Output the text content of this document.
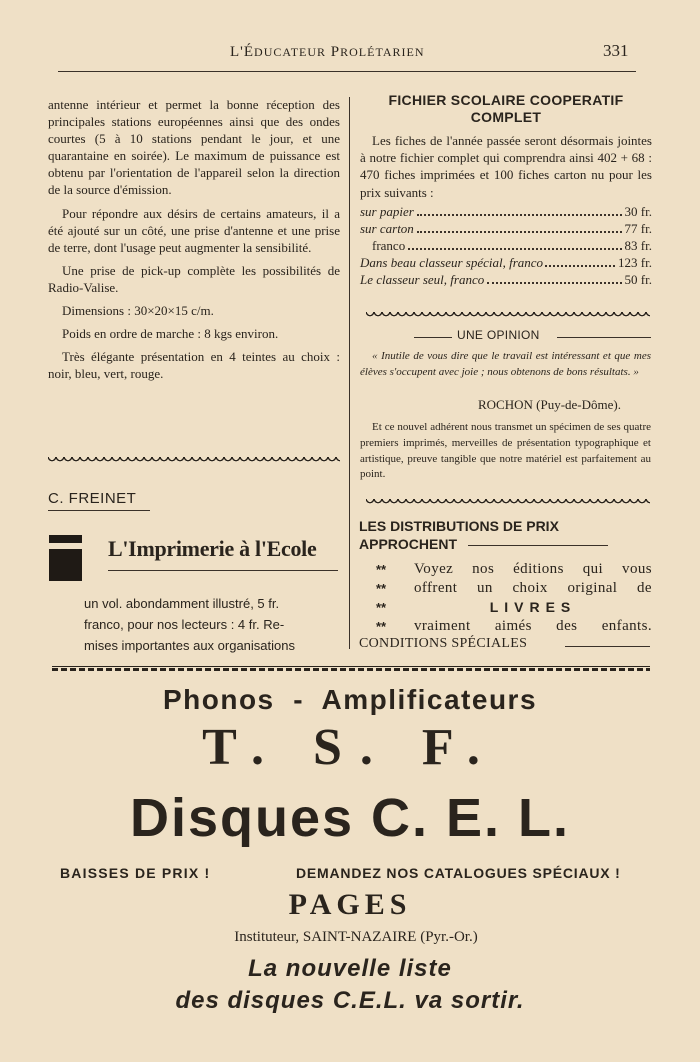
L'ÉDUCATEUR PROLÉTARIEN	331

antenne intérieur et permet la bonne réception des principales stations européennes ainsi que des ondes courtes (5 à 10 stations pendant le jour, et une quarantaine en soirée). Le maximum de puissance est obtenu par l'orientation de l'appareil selon la direction de la source d'émission.

Pour répondre aux désirs de certains amateurs, il a été ajouté sur un côté, une prise d'antenne et une prise de terre, dont l'usage peut augmenter la sensibilité.

Une prise de pick-up complète les possibilités de Radio-Valise.

Dimensions : 30×20×15 c/m.

Poids en ordre de marche : 8 kgs environ.

Très élégante présentation en 4 teintes au choix : noir, bleu, vert, rouge.

C. FREINET
L'Imprimerie à l'Ecole
un vol. abondamment illustré, 5 fr.
franco, pour nos lecteurs : 4 fr. Re-
mises importantes aux organisations
FICHIER SCOLAIRE COOPERATIF
COMPLET
Les fiches de l'année passée seront désormais jointes à notre fichier complet qui comprendra ainsi 402 + 68 : 470 fiches imprimées et 100 fiches carton nu pour les prix suivants :
sur papier	30 fr.
sur carton	77 fr.
franco	83 fr.
Dans beau classeur spécial, franco	123 fr.
Le classeur seul, franco	50 fr.
UNE OPINION
« Inutile de vous dire que le travail est intéressant et que mes élèves s'occupent avec joie ; nous obtenons de bons résultats. »
ROCHON (Puy-de-Dôme).
Et ce nouvel adhérent nous transmet un spécimen de ses quatre premiers imprimés, merveilles de présentation typographique et artistique, preuve tangible que notre matériel est parfaitement au point.
LES DISTRIBUTIONS DE PRIX
APPROCHENT
**	Voyez nos éditions qui vous
**	offrent un choix original de
**	LIVRES
**	vraiment aimés des enfants.
CONDITIONS SPÉCIALES
Phonos  -  Amplificateurs
T. S. F.
Disques C. E. L.
BAISSES DE PRIX !	DEMANDEZ NOS CATALOGUES SPÉCIAUX !
PAGES
Instituteur, SAINT-NAZAIRE (Pyr.-Or.)
La nouvelle liste
des disques C.E.L. va sortir.
